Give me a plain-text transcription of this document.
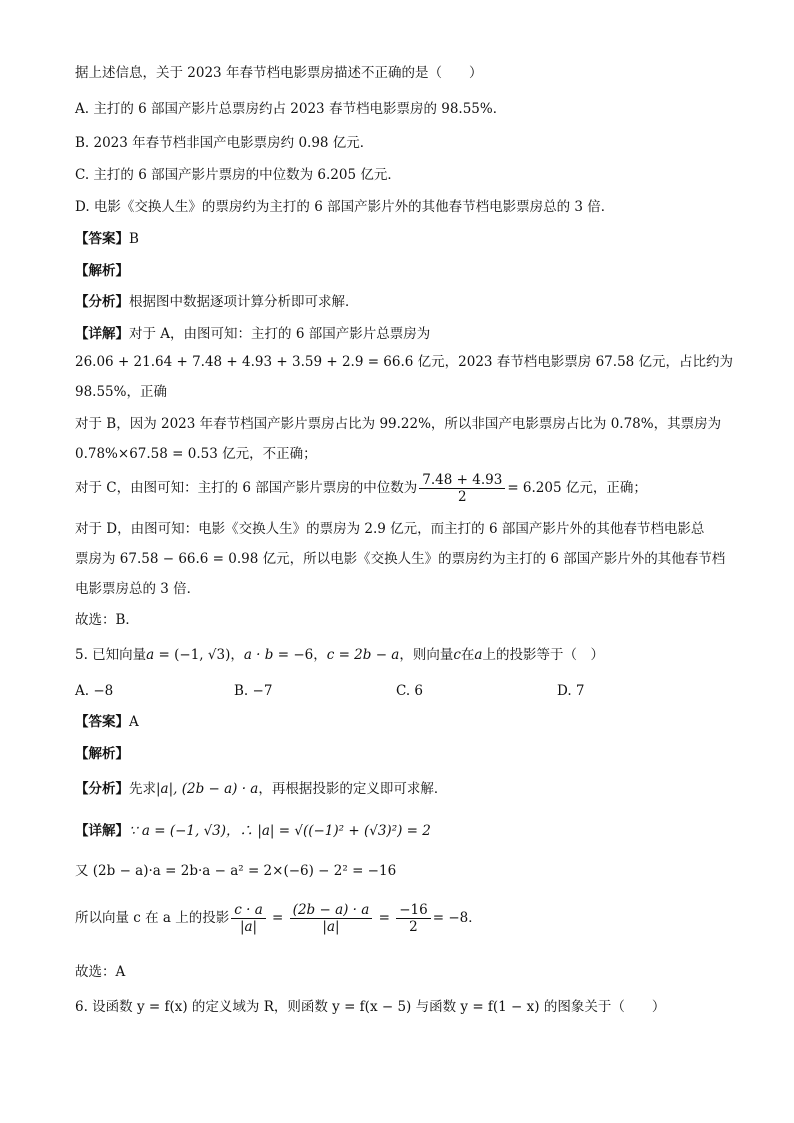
据上述信息，关于 2023 年春节档电影票房描述不正确的是（　　）
A. 主打的 6 部国产影片总票房约占 2023 春节档电影票房的 98.55%．
B. 2023 年春节档非国产电影票房约 0.98 亿元．
C. 主打的 6 部国产影片票房的中位数为 6.205 亿元．
D. 电影《交换人生》的票房约为主打的 6 部国产影片外的其他春节档电影票房总的 3 倍．
【答案】B
【解析】
【分析】根据图中数据逐项计算分析即可求解．
【详解】对于 A，由图可知：主打的 6 部国产影片总票房为
26.06 + 21.64 + 7.48 + 4.93 + 3.59 + 2.9 = 66.6 亿元，2023 春节档电影票房 67.58 亿元，占比约为
98.55%，正确
对于 B，因为 2023 年春节档国产影片票房占比为 99.22%，所以非国产电影票房占比为 0.78%，其票房为
0.78%×67.58 = 0.53 亿元，不正确；
对于 C，由图可知：主打的 6 部国产影片票房的中位数为 $\frac{7.48 + 4.93}{2} = 6.205$ 亿元，正确；
对于 D，由图可知：电影《交换人生》的票房为 2.9 亿元，而主打的 6 部国产影片外的其他春节档电影总
票房为 67.58 − 66.6 = 0.98 亿元，所以电影《交换人生》的票房约为主打的 6 部国产影片外的其他春节档
电影票房总的 3 倍．
故选：B．
5. 已知向量a = (−1, √3)，a · b = −6，c = 2b − a，则向量c在a上的投影等于（　）
A. −8	B. −7	C. 6	D. 7
【答案】A
【解析】
【分析】先求|a|, (2b − a) · a，再根据投影的定义即可求解．
【详解】∵ a = (−1, √3)，∴ |a| = √((−1)² + (√3)²) = 2
又 (2b − a)·a = 2b·a − a² = 2×(−6) − 2² = −16
所以向量 c 在 a 上的投影 $\frac{c \cdot a}{|a|} = \frac{(2b - a) \cdot a}{|a|} = \frac{-16}{2} = -8$．
故选：A
6. 设函数 y = f(x) 的定义域为 R，则函数 y = f(x − 5) 与函数 y = f(1 − x) 的图象关于（　　）
